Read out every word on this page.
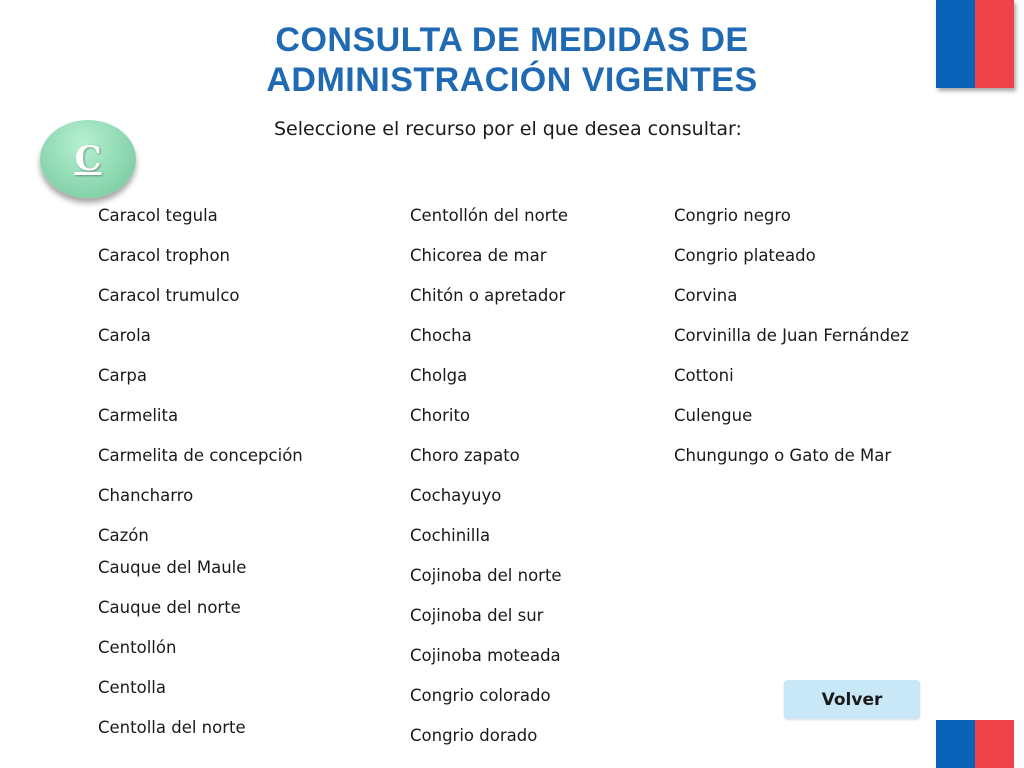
CONSULTA DE MEDIDAS DE
ADMINISTRACIÓN VIGENTES
Seleccione el recurso por el que desea consultar:
C
Caracol tegula
Caracol trophon
Caracol trumulco
Carola
Carpa
Carmelita
Carmelita de concepción
Chancharro
Cazón
Cauque del Maule
Cauque del norte
Centollón
Centolla
Centolla del norte
Centollón del norte
Chicorea de mar
Chitón o apretador
Chocha
Cholga
Chorito
Choro zapato
Cochayuyo
Cochinilla
Cojinoba del norte
Cojinoba del sur
Cojinoba moteada
Congrio colorado
Congrio dorado
Congrio negro
Congrio plateado
Corvina
Corvinilla de Juan Fernández
Cottoni
Culengue
Chungungo o Gato de Mar
Volver
